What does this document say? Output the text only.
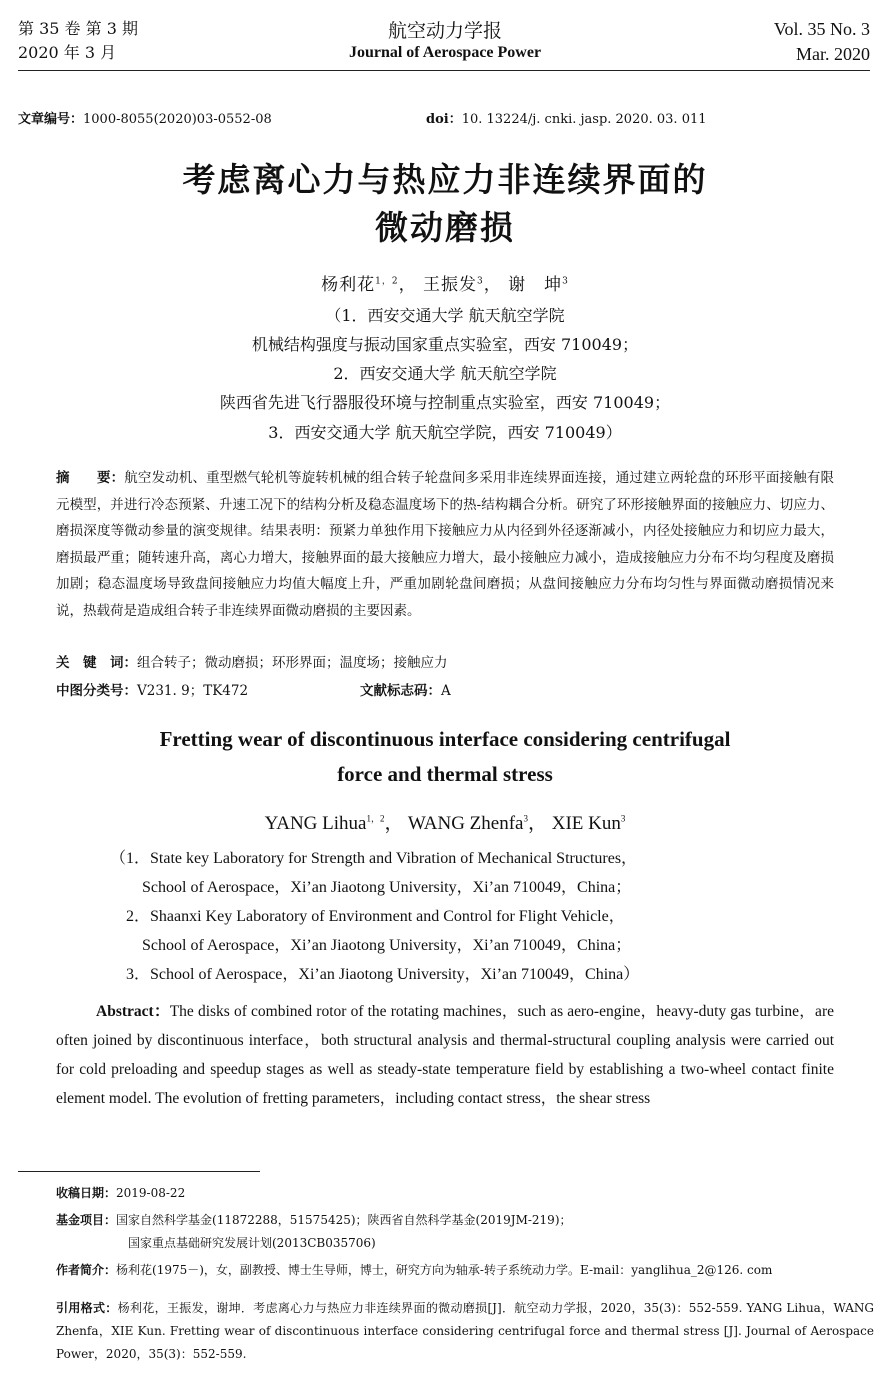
第 35 卷 第 3 期
2020 年 3 月
航空动力学报
Journal of Aerospace Power
Vol. 35 No. 3
Mar. 2020
文章编号：1000-8055(2020)03-0552-08	doi：10. 13224/j. cnki. jasp. 2020. 03. 011
考虑离心力与热应力非连续界面的
微动磨损
杨利花$^{1,2}$， 王振发$^3$， 谢　坤$^3$
（1．西安交通大学 航天航空学院
机械结构强度与振动国家重点实验室，西安 710049；
2．西安交通大学 航天航空学院
陕西省先进飞行器服役环境与控制重点实验室，西安 710049；
3．西安交通大学 航天航空学院，西安 710049）
摘　　要：航空发动机、重型燃气轮机等旋转机械的组合转子轮盘间多采用非连续界面连接，通过建立两轮盘的环形平面接触有限元模型，并进行冷态预紧、升速工况下的结构分析及稳态温度场下的热-结构耦合分析。研究了环形接触界面的接触应力、切应力、磨损深度等微动参量的演变规律。结果表明：预紧力单独作用下接触应力从内径到外径逐渐减小，内径处接触应力和切应力最大，磨损最严重；随转速升高，离心力增大，接触界面的最大接触应力增大，最小接触应力减小，造成接触应力分布不均匀程度及磨损加剧；稳态温度场导致盘间接触应力均值大幅度上升，严重加剧轮盘间磨损；从盘间接触应力分布均匀性与界面微动磨损情况来说，热载荷是造成组合转子非连续界面微动磨损的主要因素。
关　键　词：组合转子；微动磨损；环形界面；温度场；接触应力
中图分类号：V231. 9；TK472	文献标志码：A
Fretting wear of discontinuous interface considering centrifugal
force and thermal stress
YANG Lihua$^{1,2}$， WANG Zhenfa$^3$， XIE Kun$^3$
（1．State key Laboratory for Strength and Vibration of Mechanical Structures，
School of Aerospace，Xi’an Jiaotong University，Xi’an 710049，China；
2．Shaanxi Key Laboratory of Environment and Control for Flight Vehicle，
School of Aerospace，Xi’an Jiaotong University，Xi’an 710049，China；
3．School of Aerospace，Xi’an Jiaotong University，Xi’an 710049，China）
Abstract：The disks of combined rotor of the rotating machines，such as aero-engine，heavy-duty gas turbine，are often joined by discontinuous interface，both structural analysis and thermal-structural coupling analysis were carried out for cold preloading and speedup stages as well as steady-state temperature field by establishing a two-wheel contact finite element model. The evolution of fretting parameters，including contact stress，the shear stress
收稿日期：2019-08-22
基金项目：国家自然科学基金(11872288，51575425)；陕西省自然科学基金(2019JM-219)；
国家重点基础研究发展计划(2013CB035706)
作者简介：杨利花(1975－)，女，副教授、博士生导师，博士，研究方向为轴承-转子系统动力学。E-mail：yanglihua_2@126. com
引用格式：杨利花，王振发，谢坤．考虑离心力与热应力非连续界面的微动磨损[J]．航空动力学报，2020，35(3)：552-559. YANG Lihua，WANG Zhenfa，XIE Kun. Fretting wear of discontinuous interface considering centrifugal force and thermal stress [J]. Journal of Aerospace Power，2020，35(3)：552-559.
